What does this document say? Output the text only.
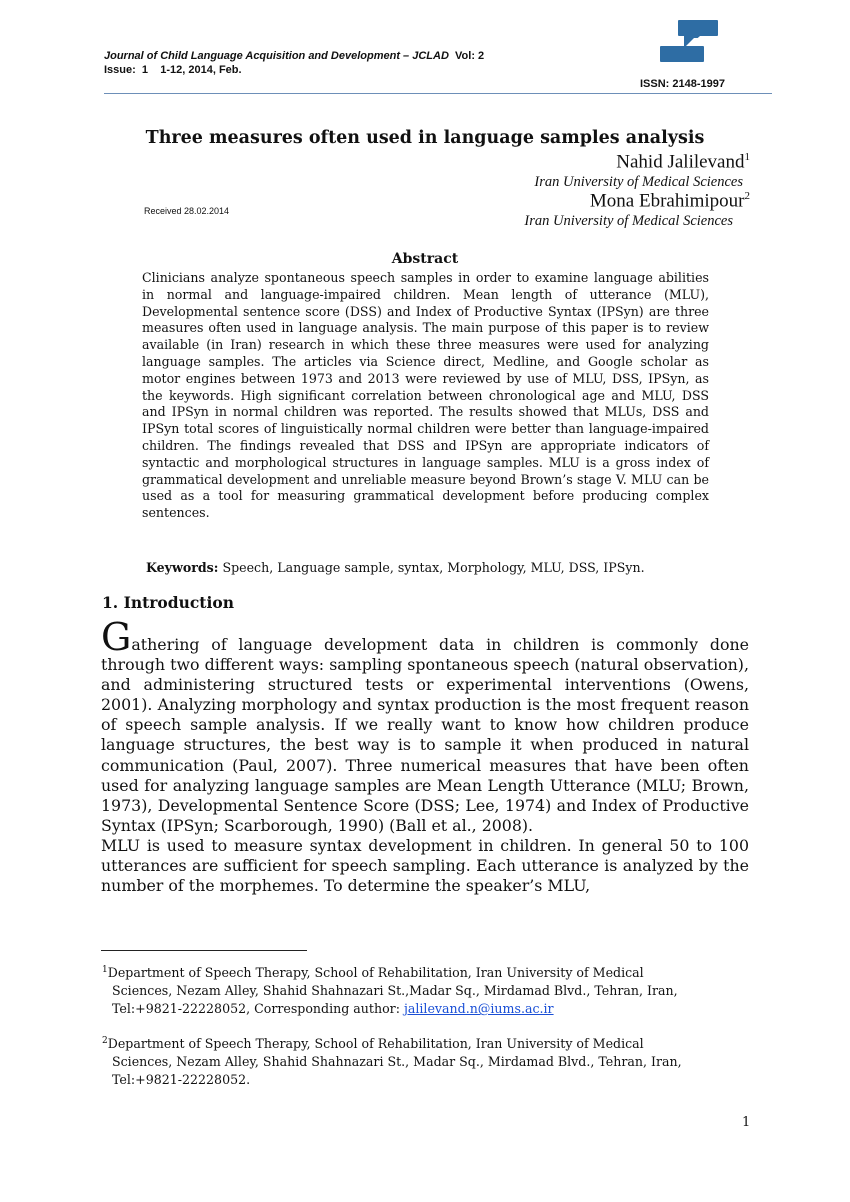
Journal of Child Language Acquisition and Development – JCLAD Vol: 2
Issue:  1    1-12, 2014, Feb.
ISSN: 2148-1997
Three measures often used in language samples analysis
Nahid Jalilevand$^1$
Iran University of Medical Sciences
Received 28.02.2014	Mona Ebrahimipour$^2$
Iran University of Medical Sciences
Abstract
Clinicians analyze spontaneous speech samples in order to examine language abilities in normal and language-impaired children. Mean length of utterance (MLU), Developmental sentence score (DSS) and Index of Productive Syntax (IPSyn) are three measures often used in language analysis. The main purpose of this paper is to review available (in Iran) research in which these three measures were used for analyzing language samples. The articles via Science direct, Medline, and Google scholar as motor engines between 1973 and 2013 were reviewed by use of MLU, DSS, IPSyn, as the keywords. High significant correlation between chronological age and MLU, DSS and IPSyn in normal children was reported. The results showed that MLUs, DSS and IPSyn total scores of linguistically normal children were better than language-impaired children. The findings revealed that DSS and IPSyn are appropriate indicators of syntactic and morphological structures in language samples. MLU is a gross index of grammatical development and unreliable measure beyond Brown’s stage V. MLU can be used as a tool for measuring grammatical development before producing complex sentences.
Keywords: Speech, Language sample, syntax, Morphology, MLU, DSS, IPSyn.
1. Introduction

Gathering of language development data in children is commonly done through two different ways: sampling spontaneous speech (natural observation), and administering structured tests or experimental interventions (Owens, 2001). Analyzing morphology and syntax production is the most frequent reason of speech sample analysis. If we really want to know how children produce language structures, the best way is to sample it when produced in natural communication (Paul, 2007). Three numerical measures that have been often used for analyzing language samples are Mean Length Utterance (MLU; Brown, 1973), Developmental Sentence Score (DSS; Lee, 1974) and Index of Productive Syntax (IPSyn; Scarborough, 1990) (Ball et al., 2008).

MLU is used to measure syntax development in children. In general 50 to 100 utterances are sufficient for speech sampling. Each utterance is analyzed by the number of the morphemes. To determine the speaker’s MLU,

$^1$Department of Speech Therapy, School of Rehabilitation, Iran University of Medical
Sciences, Nezam Alley, Shahid Shahnazari St.,Madar Sq., Mirdamad Blvd., Tehran, Iran,
Tel:+9821-22228052, Corresponding author: jalilevand.n@iums.ac.ir
$^2$Department of Speech Therapy, School of Rehabilitation, Iran University of Medical
Sciences, Nezam Alley, Shahid Shahnazari St., Madar Sq., Mirdamad Blvd., Tehran, Iran,
Tel:+9821-22228052.
1
